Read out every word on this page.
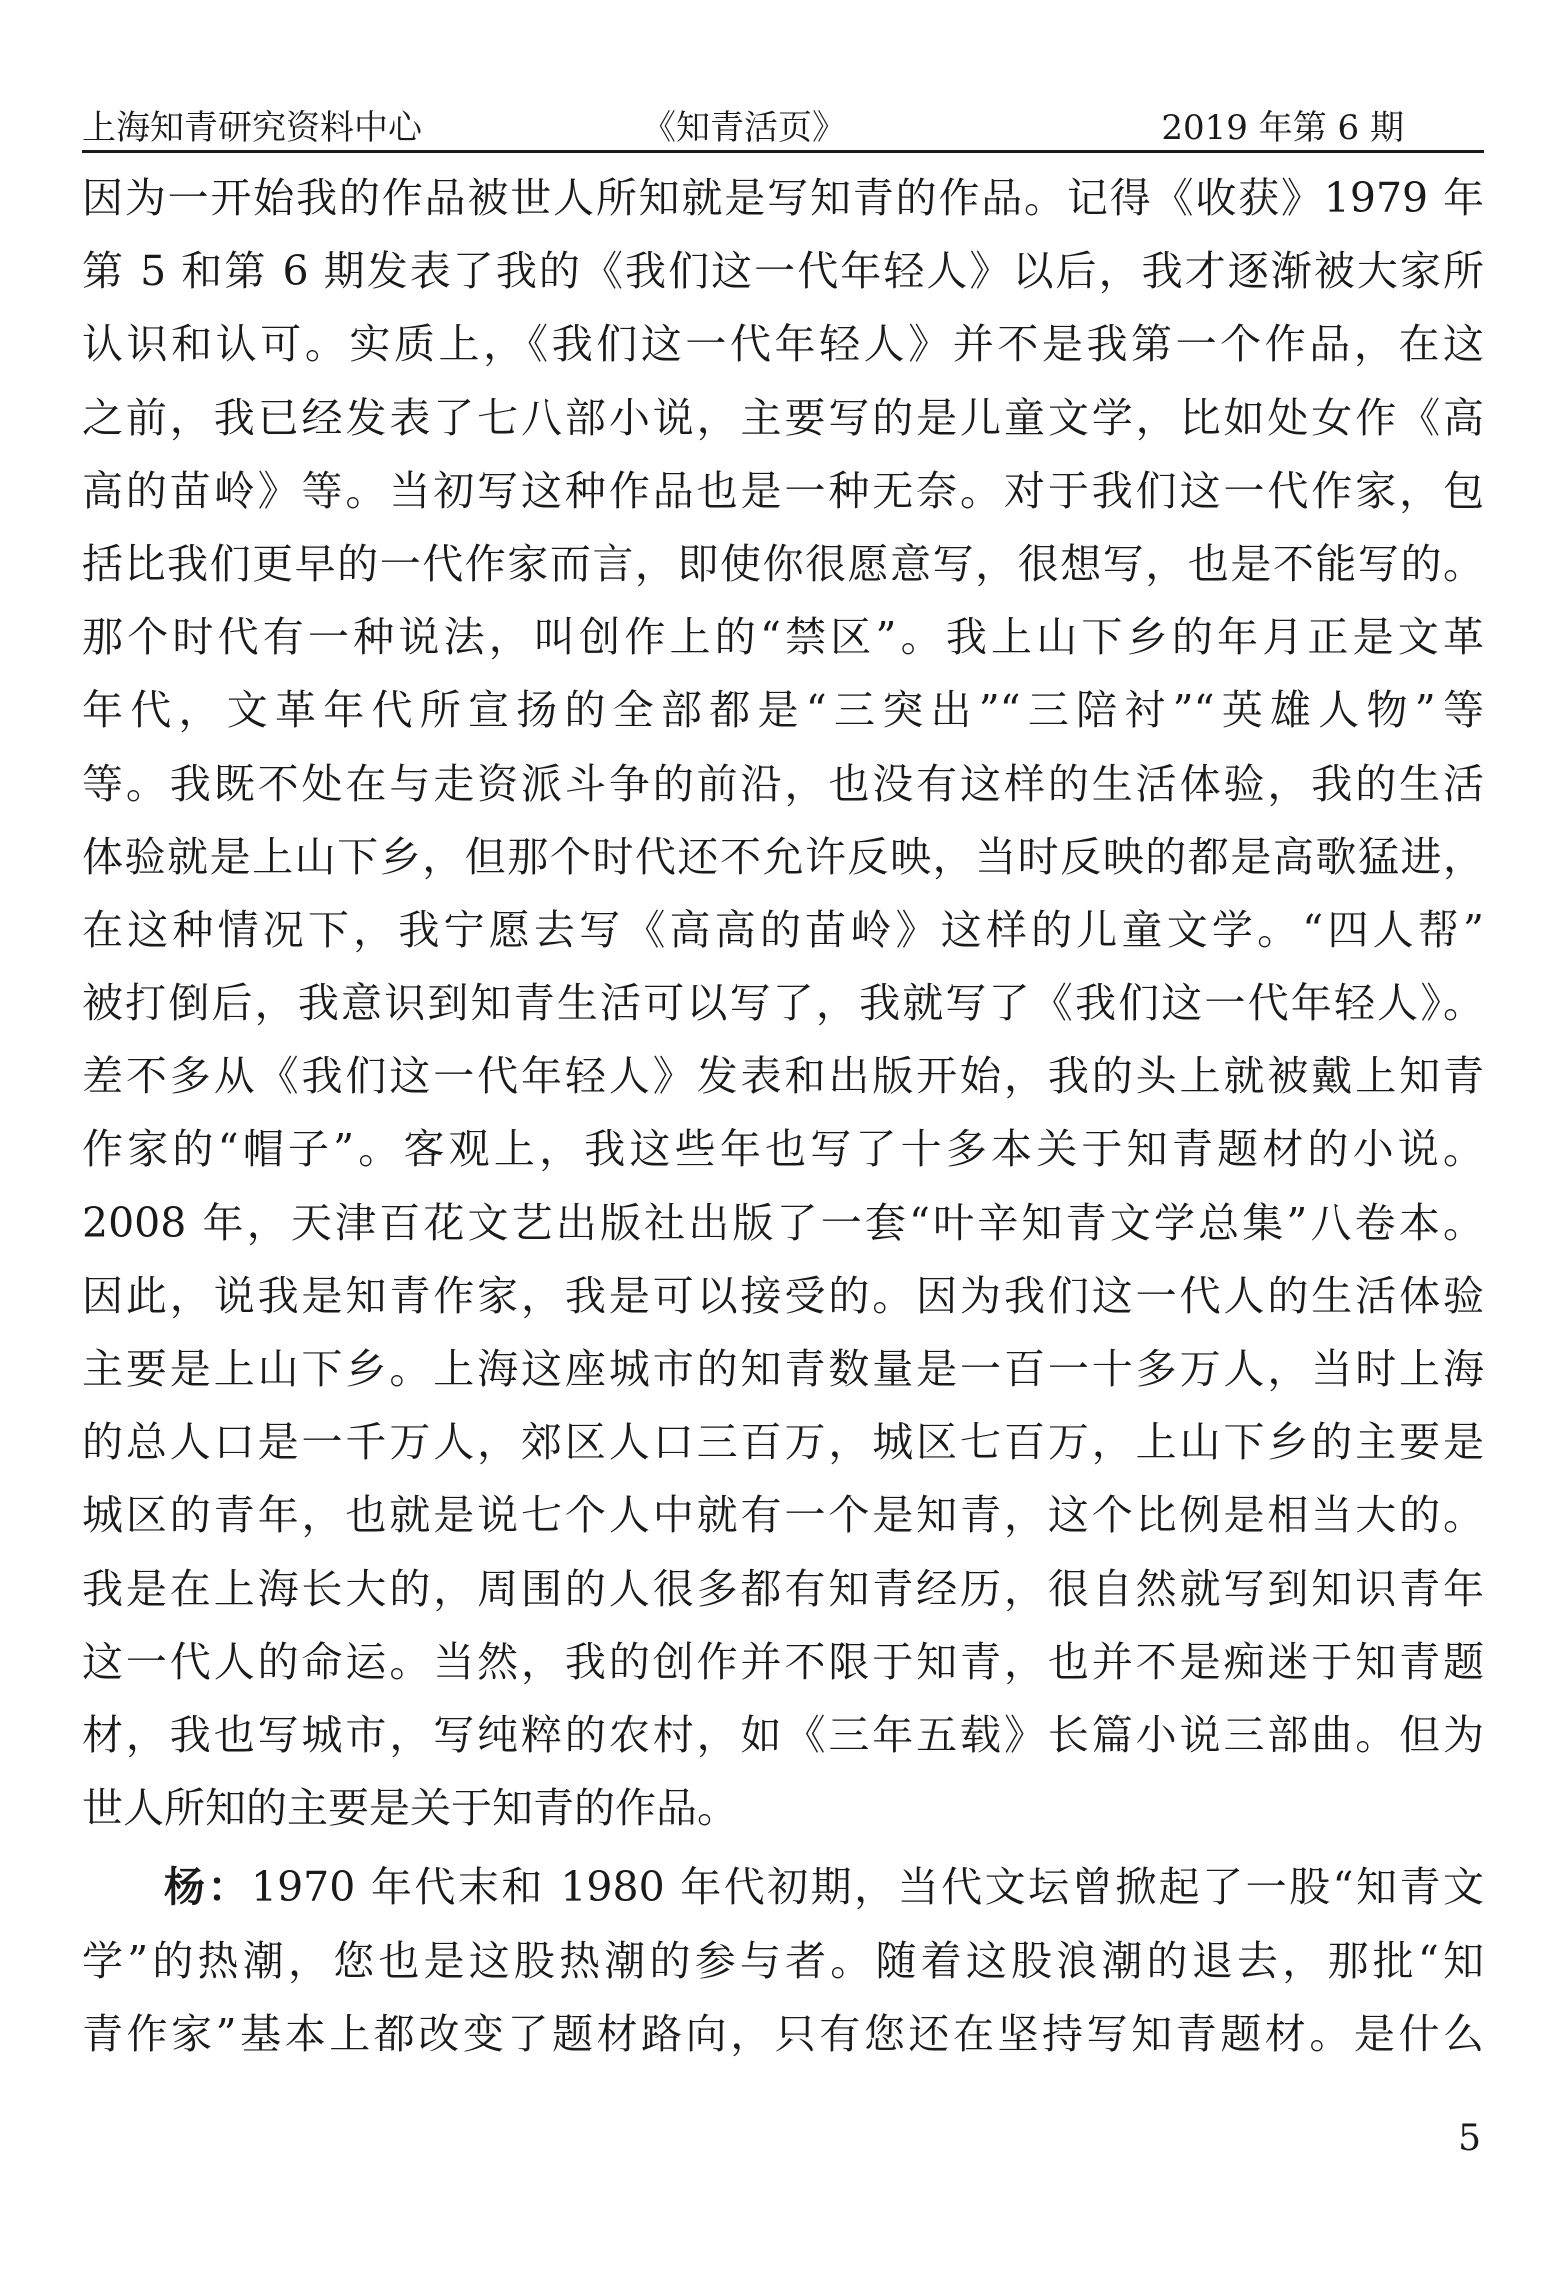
上海知青研究资料中心	《知青活页》	2019 年第 6 期
因为一开始我的作品被世人所知就是写知青的作品。记得《收获》1979 年
第 5 和第 6 期发表了我的《我们这一代年轻人》以后，我才逐渐被大家所
认识和认可。实质上，《我们这一代年轻人》并不是我第一个作品，在这
之前，我已经发表了七八部小说，主要写的是儿童文学，比如处女作《高
高的苗岭》等。当初写这种作品也是一种无奈。对于我们这一代作家，包
括比我们更早的一代作家而言，即使你很愿意写，很想写，也是不能写的。
那个时代有一种说法，叫创作上的“禁区”。我上山下乡的年月正是文革
年代，文革年代所宣扬的全部都是“三突出”“三陪衬”“英雄人物”等
等。我既不处在与走资派斗争的前沿，也没有这样的生活体验，我的生活
体验就是上山下乡，但那个时代还不允许反映，当时反映的都是高歌猛进，
在这种情况下，我宁愿去写《高高的苗岭》这样的儿童文学。“四人帮”
被打倒后，我意识到知青生活可以写了，我就写了《我们这一代年轻人》。
差不多从《我们这一代年轻人》发表和出版开始，我的头上就被戴上知青
作家的“帽子”。客观上，我这些年也写了十多本关于知青题材的小说。
2008 年，天津百花文艺出版社出版了一套“叶辛知青文学总集”八卷本。
因此，说我是知青作家，我是可以接受的。因为我们这一代人的生活体验
主要是上山下乡。上海这座城市的知青数量是一百一十多万人，当时上海
的总人口是一千万人，郊区人口三百万，城区七百万，上山下乡的主要是
城区的青年，也就是说七个人中就有一个是知青，这个比例是相当大的。
我是在上海长大的，周围的人很多都有知青经历，很自然就写到知识青年
这一代人的命运。当然，我的创作并不限于知青，也并不是痴迷于知青题
材，我也写城市，写纯粹的农村，如《三年五载》长篇小说三部曲。但为
世人所知的主要是关于知青的作品。
杨：1970 年代末和 1980 年代初期，当代文坛曾掀起了一股“知青文
学”的热潮，您也是这股热潮的参与者。随着这股浪潮的退去，那批“知
青作家”基本上都改变了题材路向，只有您还在坚持写知青题材。是什么
5
